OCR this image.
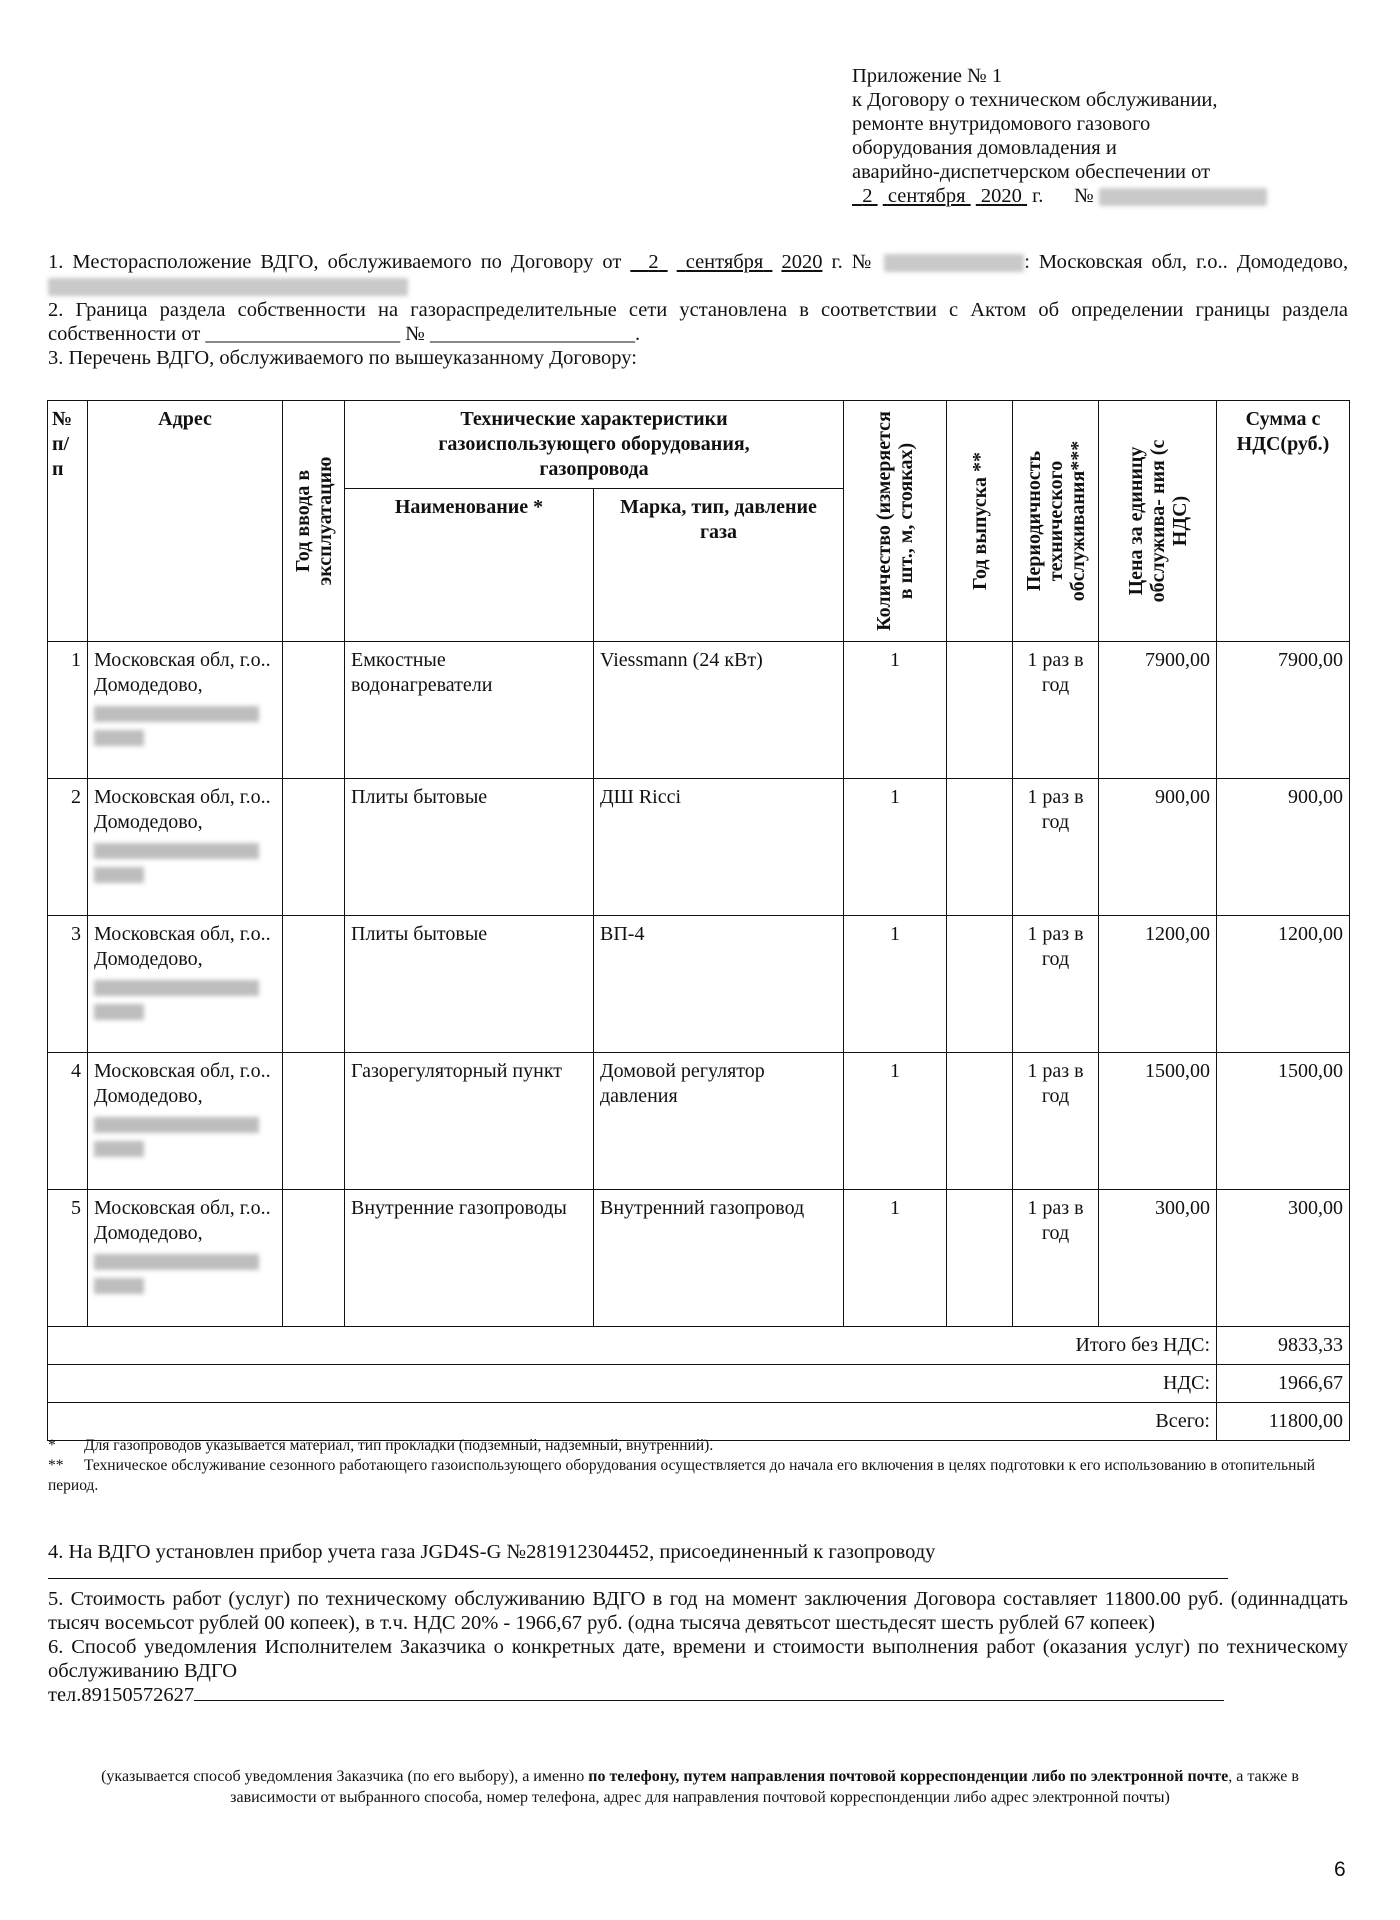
Приложение № 1
к Договору о техническом обслуживании,
ремонте внутридомового газового
оборудования домовладения и
аварийно-диспетчерском обеспечении от
2 сентября 2020 г. №

1. Месторасположение ВДГО, обслуживаемого по Договору от 2 сентября 2020 г. №	: Московская обл, г.о.. Домодедово,

2. Граница раздела собственности на газораспределительные сети установлена в соответствии с Актом об определении границы раздела собственности от ___________________ № ____________________.

3. Перечень ВДГО, обслуживаемого по вышеуказанному Договору:

№ п/ п	Адрес	Год ввода в эксплуатацию	Технические характеристики газоиспользующего оборудования, газопровода		Количество (измеряется в шт., м, стояках)	Год выпуска **	Периодичность технического обслуживания***	Цена за единицу обслужива- ния (с НДС)	Сумма с НДС(руб.)
			Наименование *	Марка, тип, давление газа					
1	Московская обл, г.о.. Домодедово,		Емкостные водонагреватели	Viessmann (24 кВт)	1		1 раз в год	7900,00	7900,00
2	Московская обл, г.о.. Домодедово,		Плиты бытовые	ДШ Ricci	1		1 раз в год	900,00	900,00
3	Московская обл, г.о.. Домодедово,		Плиты бытовые	ВП-4	1		1 раз в год	1200,00	1200,00
4	Московская обл, г.о.. Домодедово,		Газорегуляторный пункт	Домовой регулятор давления	1		1 раз в год	1500,00	1500,00
5	Московская обл, г.о.. Домодедово,		Внутренние газопроводы	Внутренний газопровод	1		1 раз в год	300,00	300,00
Итого без НДС:									9833,33
НДС:									1966,67
Всего:									11800,00

* Для газопроводов указывается материал, тип прокладки (подземный, надземный, внутренний).

** Техническое обслуживание сезонного работающего газоиспользующего оборудования осуществляется до начала его включения в целях подготовки к его использованию в отопительный период.

4. На ВДГО установлен прибор учета газа JGD4S-G №281912304452, присоединенный к газопроводу

5. Стоимость работ (услуг) по техническому обслуживанию ВДГО в год на момент заключения Договора составляет 11800.00 руб. (одиннадцать тысяч восемьсот рублей 00 копеек), в т.ч. НДС 20% - 1966,67 руб. (одна тысяча девятьсот шестьдесят шесть рублей 67 копеек)

6. Способ уведомления Исполнителем Заказчика о конкретных дате, времени и стоимости выполнения работ (оказания услуг) по техническому обслуживанию ВДГО

тел.89150572627

(указывается способ уведомления Заказчика (по его выбору), а именно по телефону, путем направления почтовой корреспонденции либо по электронной почте, а также в зависимости от выбранного способа, номер телефона, адрес для направления почтовой корреспонденции либо адрес электронной почты)
6
